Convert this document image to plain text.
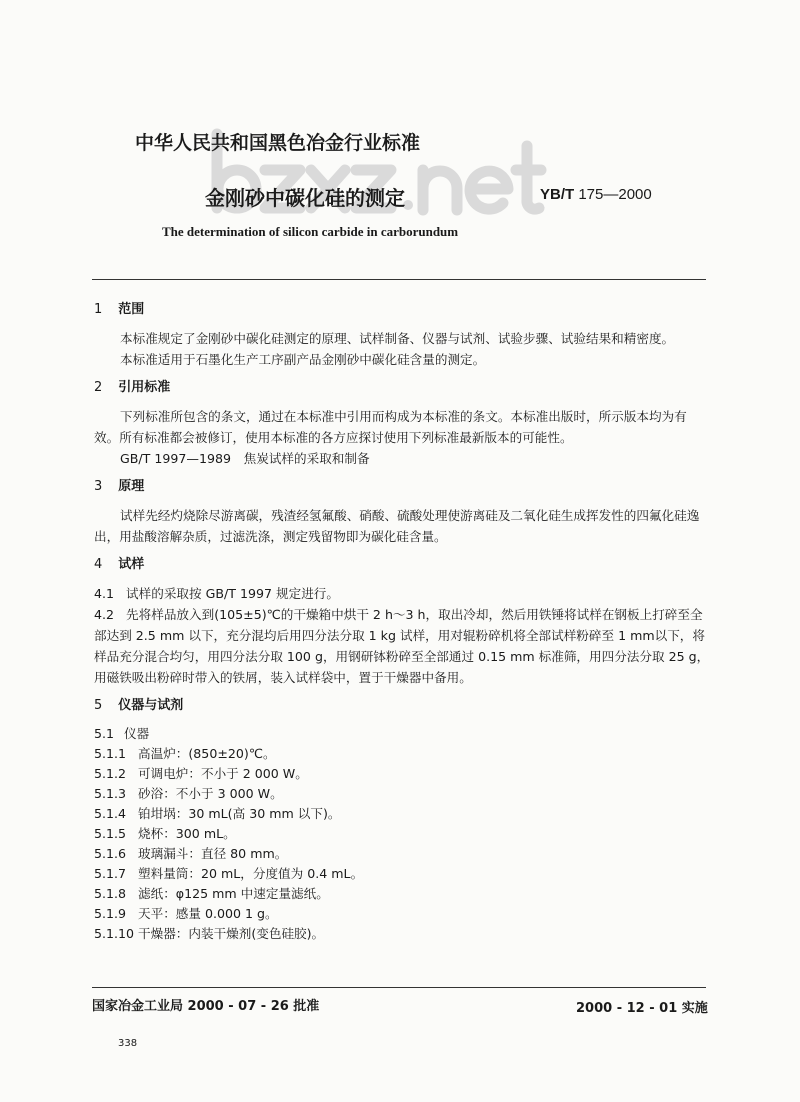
中华人民共和国黑色冶金行业标准
金刚砂中碳化硅的测定	YB/T 175—2000
The determination of silicon carbide in carborundum
1 范围
本标准规定了金刚砂中碳化硅测定的原理、试样制备、仪器与试剂、试验步骤、试验结果和精密度。
本标准适用于石墨化生产工序副产品金刚砂中碳化硅含量的测定。
2 引用标准
下列标准所包含的条文，通过在本标准中引用而构成为本标准的条文。本标准出版时，所示版本均为有效。所有标准都会被修订，使用本标准的各方应探讨使用下列标准最新版本的可能性。
GB/T 1997—1989　焦炭试样的采取和制备
3 原理
试样先经灼烧除尽游离碳，残渣经氢氟酸、硝酸、硫酸处理使游离硅及二氧化硅生成挥发性的四氟化硅逸出，用盐酸溶解杂质，过滤洗涤，测定残留物即为碳化硅含量。
4 试样
4.1 试样的采取按 GB/T 1997 规定进行。
4.2 先将样品放入到(105±5)℃的干燥箱中烘干 2 h～3 h，取出冷却，然后用铁锤将试样在钢板上打碎至全部达到 2.5 mm 以下，充分混均后用四分法分取 1 kg 试样，用对辊粉碎机将全部试样粉碎至 1 mm以下，将样品充分混合均匀，用四分法分取 100 g，用钢研钵粉碎至全部通过 0.15 mm 标准筛，用四分法分取 25 g，用磁铁吸出粉碎时带入的铁屑，装入试样袋中，置于干燥器中备用。
5 仪器与试剂
5.1 仪器
5.1.1 高温炉：(850±20)℃。
5.1.2 可调电炉：不小于 2 000 W。
5.1.3 砂浴：不小于 3 000 W。
5.1.4 铂坩埚：30 mL(高 30 mm 以下)。
5.1.5 烧杯：300 mL。
5.1.6 玻璃漏斗：直径 80 mm。
5.1.7 塑料量筒：20 mL，分度值为 0.4 mL。
5.1.8 滤纸：φ125 mm 中速定量滤纸。
5.1.9 天平：感量 0.000 1 g。
5.1.10 干燥器：内装干燥剂(变色硅胶)。
国家冶金工业局 2000 - 07 - 26 批准	2000 - 12 - 01 实施
338
